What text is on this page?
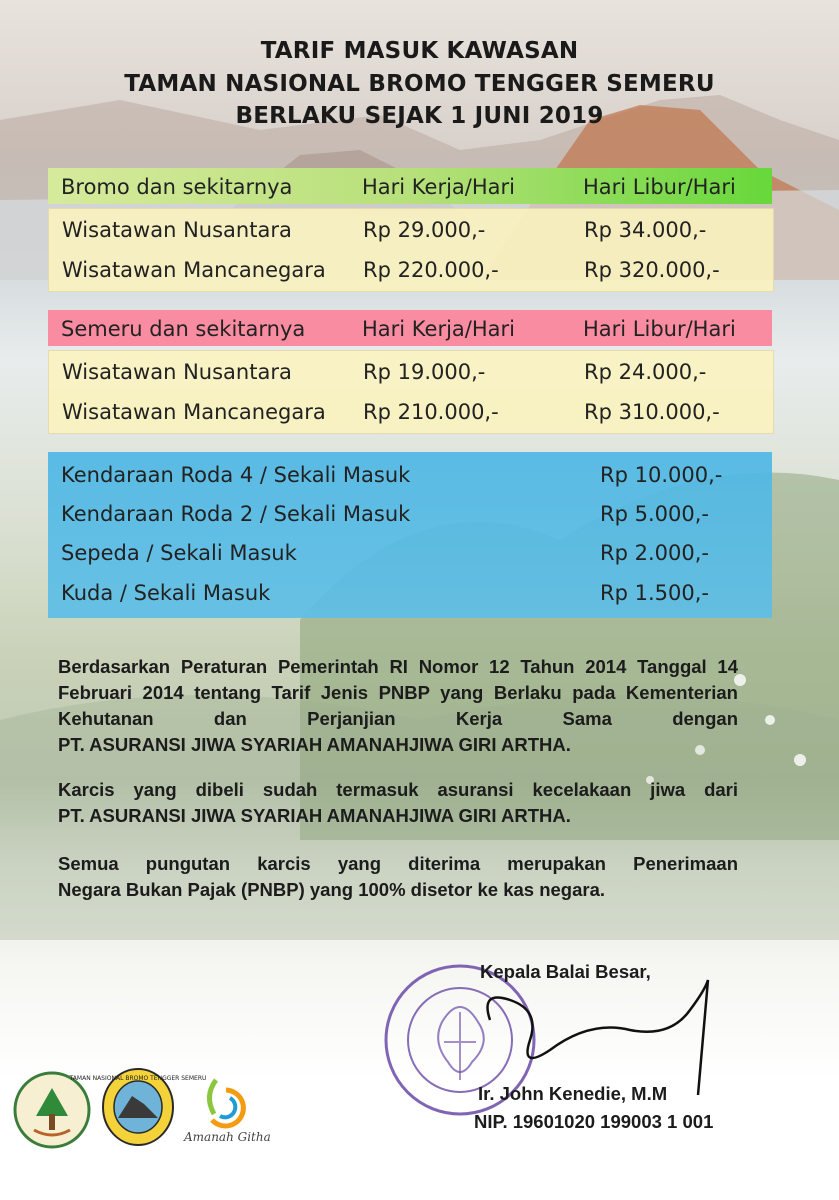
TARIF MASUK KAWASAN
TAMAN NASIONAL BROMO TENGGER SEMERU
BERLAKU SEJAK 1 JUNI 2019
Bromo dan sekitarnya	Hari Kerja/Hari	Hari Libur/Hari
Wisatawan Nusantara	Rp 29.000,-	Rp 34.000,-
Wisatawan Mancanegara Rp 220.000,-	Rp 320.000,-
Semeru dan sekitarnya	Hari Kerja/Hari	Hari Libur/Hari
Wisatawan Nusantara	Rp 19.000,-	Rp 24.000,-
Wisatawan Mancanegara Rp 210.000,-	Rp 310.000,-
Kendaraan Roda 4 / Sekali Masuk	Rp 10.000,-
Kendaraan Roda 2 / Sekali Masuk	Rp 5.000,-
Sepeda / Sekali Masuk	Rp 2.000,-
Kuda / Sekali Masuk	Rp 1.500,-
Berdasarkan Peraturan Pemerintah RI Nomor 12 Tahun 2014 Tanggal 14 Februari 2014 tentang Tarif Jenis PNBP yang Berlaku pada Kementerian Kehutanan dan Perjanjian Kerja Sama dengan
PT. ASURANSI JIWA SYARIAH AMANAHJIWA GIRI ARTHA.
Karcis yang dibeli sudah termasuk asuransi kecelakaan jiwa dari
PT. ASURANSI JIWA SYARIAH AMANAHJIWA GIRI ARTHA.
Semua pungutan karcis yang diterima merupakan Penerimaan
Negara Bukan Pajak (PNBP) yang 100% disetor ke kas negara.
Kepala Balai Besar,
Ir. John Kenedie, M.M
NIP. 19601020 199003 1 001
TAMAN NASIONAL BROMO TENGGER SEMERU
Amanah Githa
